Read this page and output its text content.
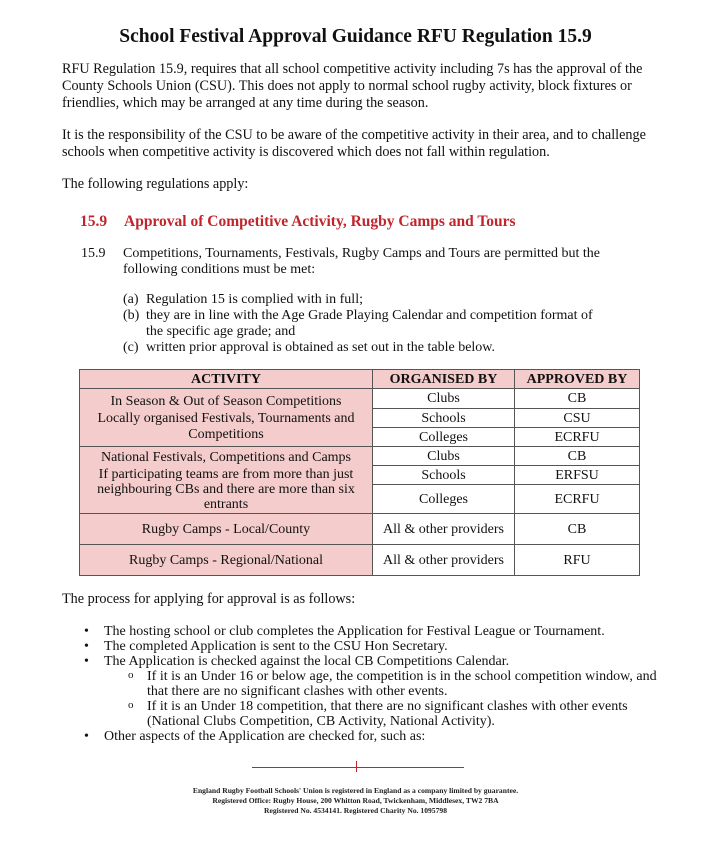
School Festival Approval Guidance RFU Regulation 15.9
RFU Regulation 15.9, requires that all school competitive activity including 7s has the approval of the County Schools Union (CSU). This does not apply to normal school rugby activity, block fixtures or friendlies, which may be arranged at any time during the season.
It is the responsibility of the CSU to be aware of the competitive activity in their area, and to challenge schools when competitive activity is discovered which does not fall within regulation.
The following regulations apply:
15.9 Approval of Competitive Activity, Rugby Camps and Tours
15.9 Competitions, Tournaments, Festivals, Rugby Camps and Tours are permitted but the following conditions must be met:
(a) Regulation 15 is complied with in full;
(b) they are in line with the Age Grade Playing Calendar and competition format of
the specific age grade; and
(c) written prior approval is obtained as set out in the table below.
ACTIVITY	ORGANISED BY	APPROVED BY

In Season & Out of Season Competitions
Locally organised Festivals, Tournaments and Competitions	Clubs	CB
	Schools	CSU
	Colleges	ECRFU

National Festivals, Competitions and Camps
If participating teams are from more than just neighbouring CBs and there are more than six entrants	Clubs	CB
	Schools	ERFSU
	Colleges	ECRFU
Rugby Camps - Local/County	All & other providers	CB
Rugby Camps - Regional/National	All & other providers	RFU
The process for applying for approval is as follows:
• The hosting school or club completes the Application for Festival League or Tournament.
• The completed Application is sent to the CSU Hon Secretary.
• The Application is checked against the local CB Competitions Calendar.
o If it is an Under 16 or below age, the competition is in the school competition window, and that there are no significant clashes with other events.
o If it is an Under 18 competition, that there are no significant clashes with other events (National Clubs Competition, CB Activity, National Activity).
• Other aspects of the Application are checked for, such as:
England Rugby Football Schools' Union is registered in England as a company limited by guarantee.
Registered Office: Rugby House, 200 Whitton Road, Twickenham, Middlesex, TW2 7BA
Registered No. 4534141. Registered Charity No. 1095798
